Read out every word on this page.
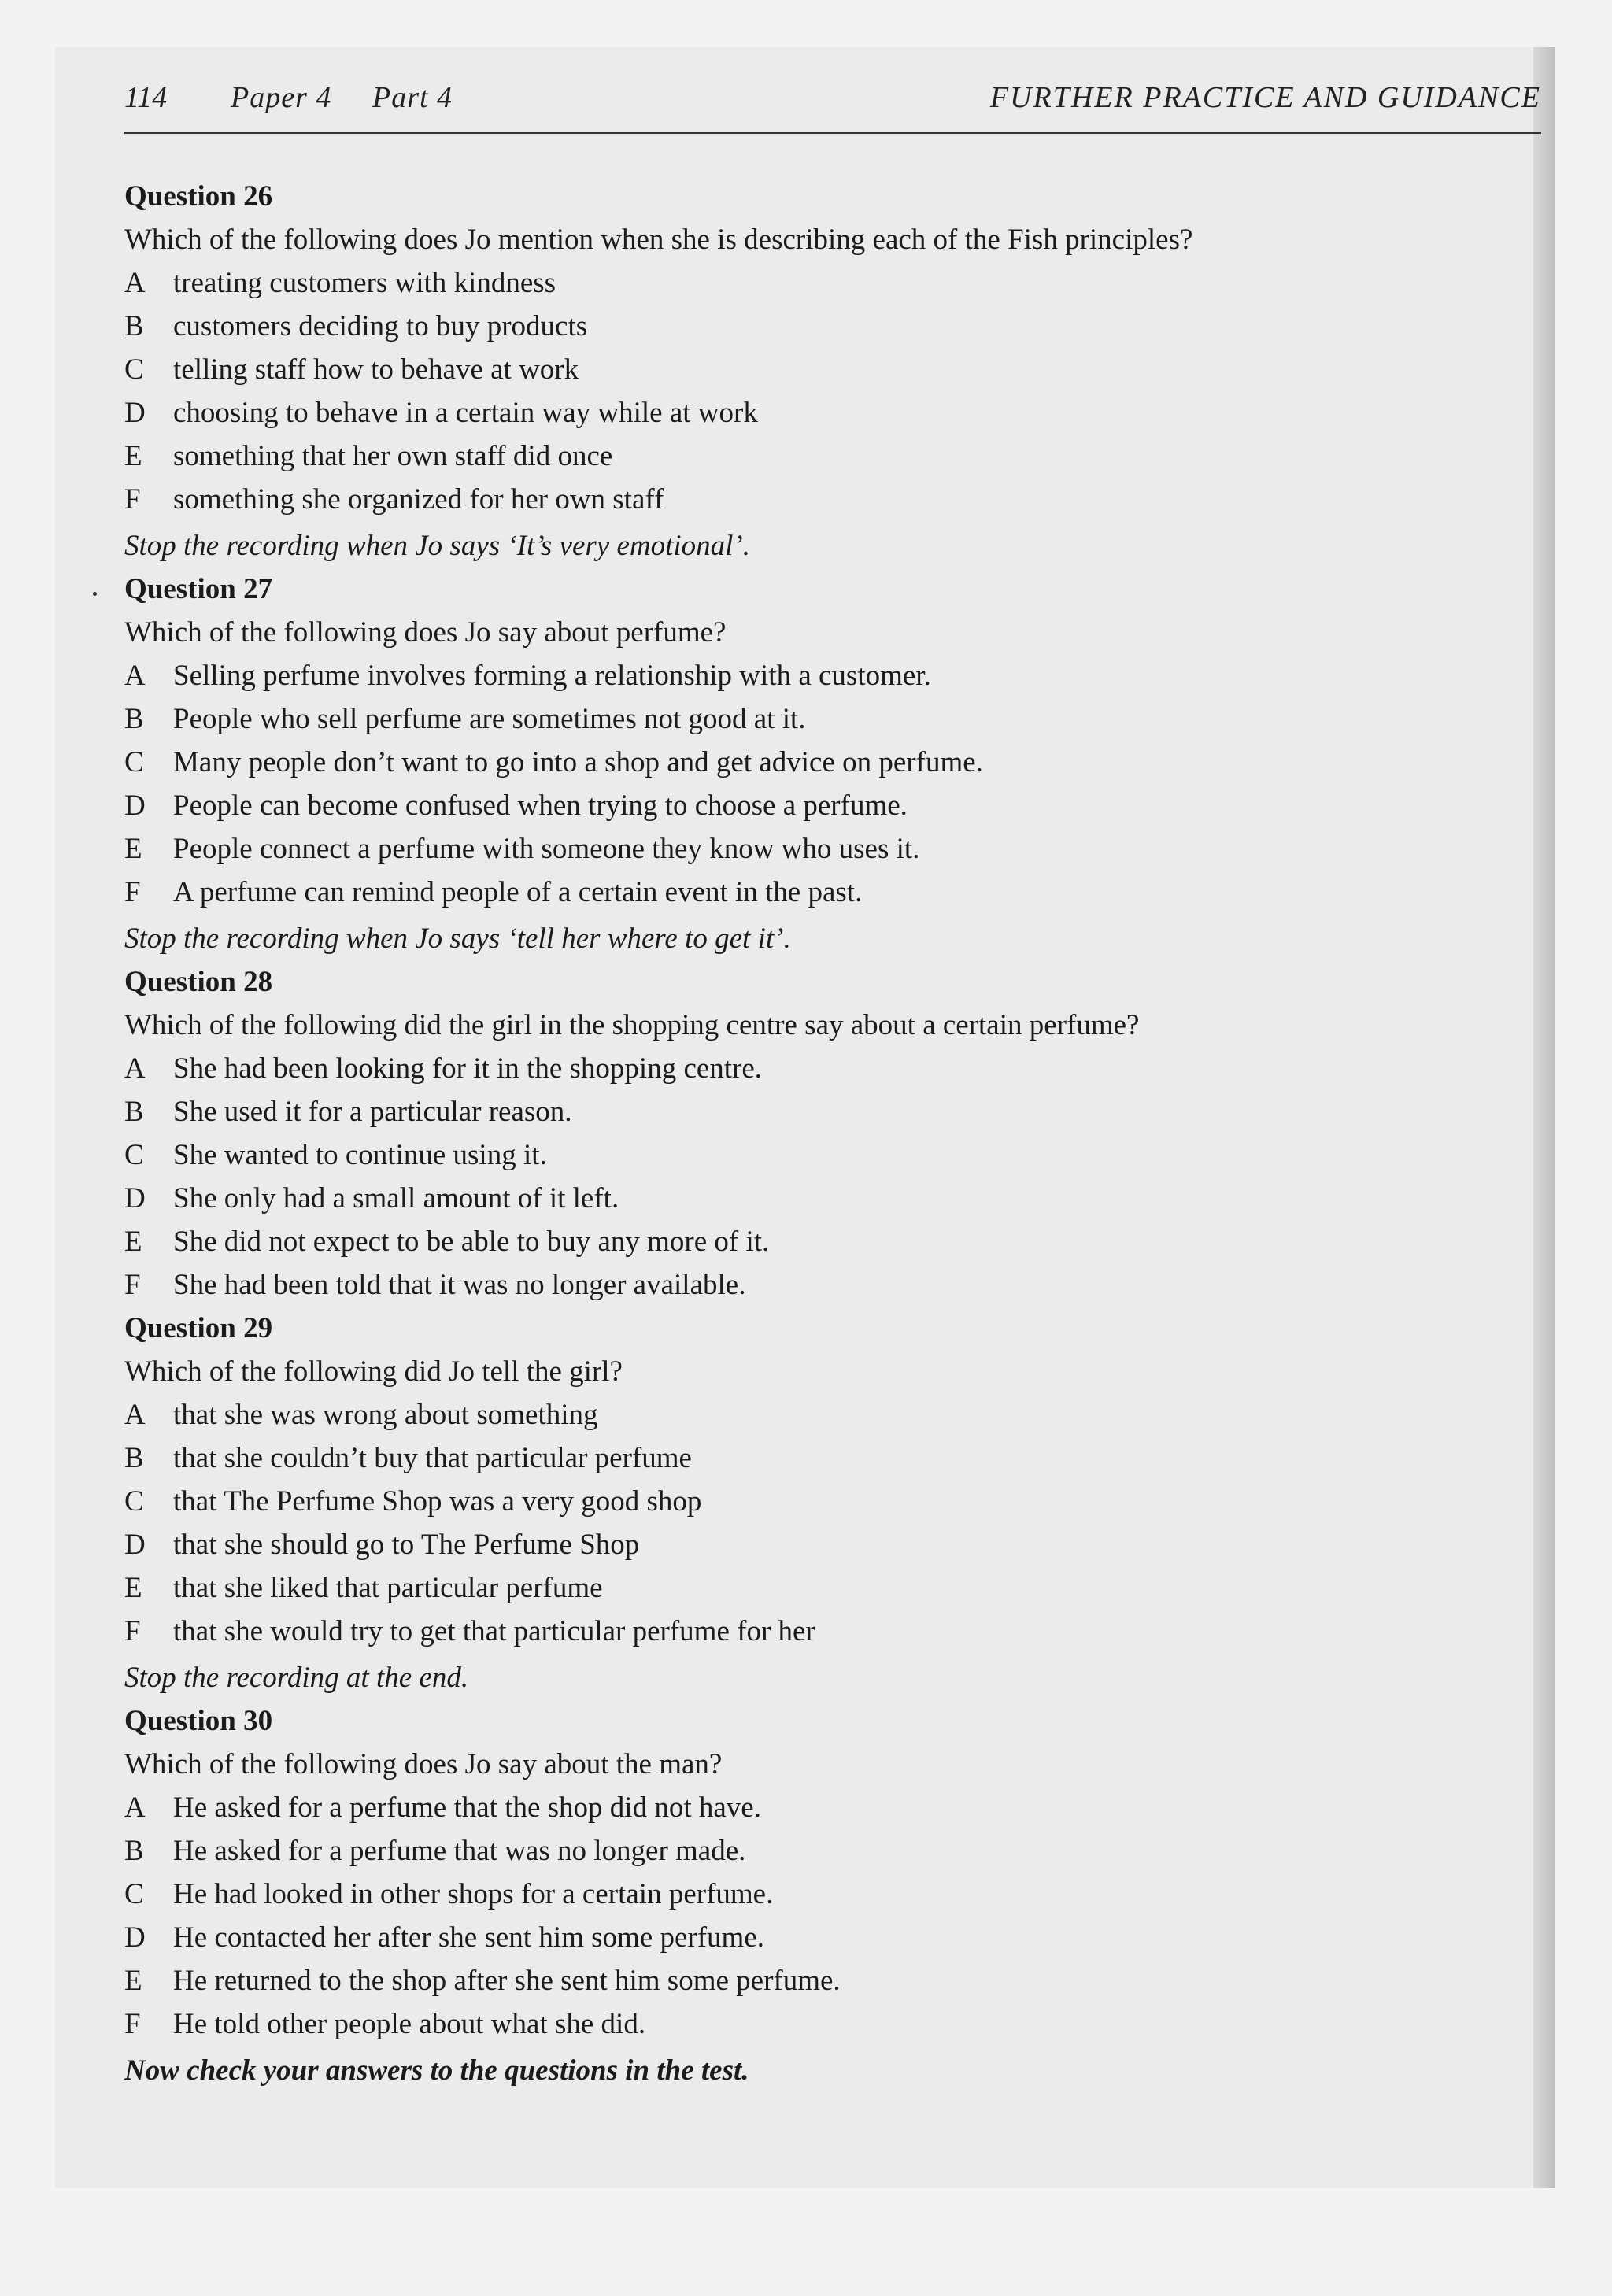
114 Paper 4 Part 4	FURTHER PRACTICE AND GUIDANCE
Question 26
Which of the following does Jo mention when she is describing each of the Fish principles?
A treating customers with kindness
B customers deciding to buy products
C telling staff how to behave at work
D choosing to behave in a certain way while at work
E something that her own staff did once
F something she organized for her own staff
Stop the recording when Jo says ‘It’s very emotional’.
Question 27
Which of the following does Jo say about perfume?
A Selling perfume involves forming a relationship with a customer.
B People who sell perfume are sometimes not good at it.
C Many people don’t want to go into a shop and get advice on perfume.
D People can become confused when trying to choose a perfume.
E People connect a perfume with someone they know who uses it.
F A perfume can remind people of a certain event in the past.
Stop the recording when Jo says ‘tell her where to get it’.
Question 28
Which of the following did the girl in the shopping centre say about a certain perfume?
A She had been looking for it in the shopping centre.
B She used it for a particular reason.
C She wanted to continue using it.
D She only had a small amount of it left.
E She did not expect to be able to buy any more of it.
F She had been told that it was no longer available.
Question 29
Which of the following did Jo tell the girl?
A that she was wrong about something
B that she couldn’t buy that particular perfume
C that The Perfume Shop was a very good shop
D that she should go to The Perfume Shop
E that she liked that particular perfume
F that she would try to get that particular perfume for her
Stop the recording at the end.
Question 30
Which of the following does Jo say about the man?
A He asked for a perfume that the shop did not have.
B He asked for a perfume that was no longer made.
C He had looked in other shops for a certain perfume.
D He contacted her after she sent him some perfume.
E He returned to the shop after she sent him some perfume.
F He told other people about what she did.
Now check your answers to the questions in the test.
